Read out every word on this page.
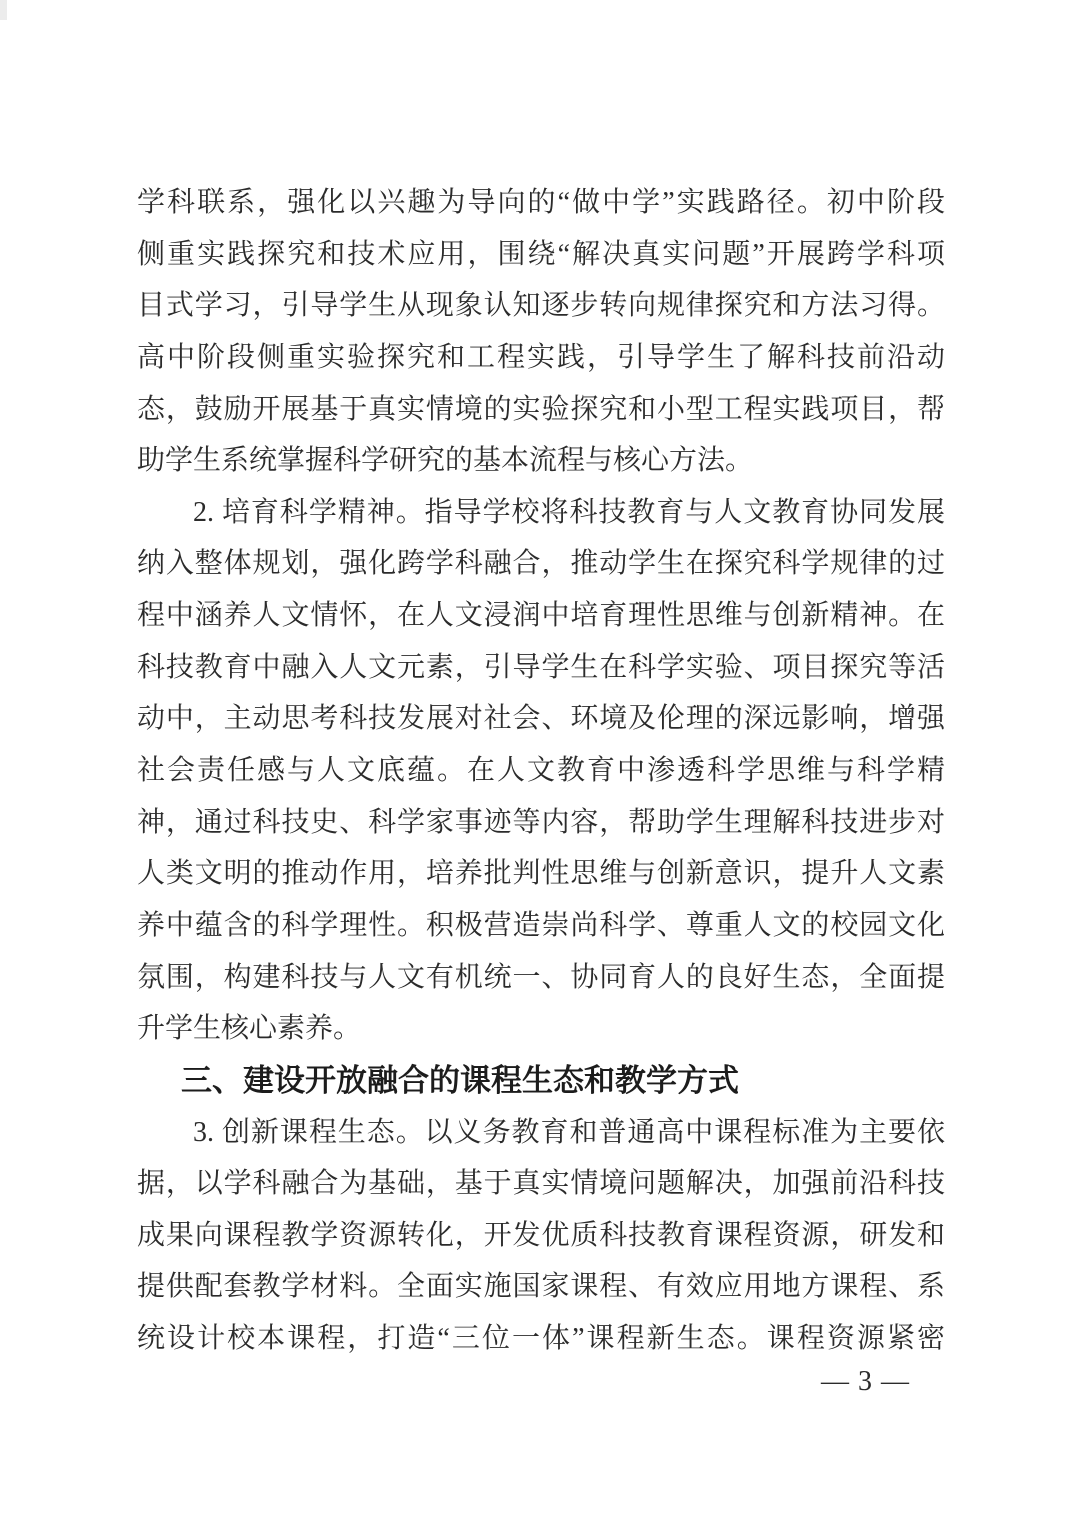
学科联系，强化以兴趣为导向的“做中学”实践路径。初中阶段
侧重实践探究和技术应用，围绕“解决真实问题”开展跨学科项
目式学习，引导学生从现象认知逐步转向规律探究和方法习得。
高中阶段侧重实验探究和工程实践，引导学生了解科技前沿动
态，鼓励开展基于真实情境的实验探究和小型工程实践项目，帮
助学生系统掌握科学研究的基本流程与核心方法。
2. 培育科学精神。指导学校将科技教育与人文教育协同发展
纳入整体规划，强化跨学科融合，推动学生在探究科学规律的过
程中涵养人文情怀，在人文浸润中培育理性思维与创新精神。在
科技教育中融入人文元素，引导学生在科学实验、项目探究等活
动中，主动思考科技发展对社会、环境及伦理的深远影响，增强
社会责任感与人文底蕴。在人文教育中渗透科学思维与科学精
神，通过科技史、科学家事迹等内容，帮助学生理解科技进步对
人类文明的推动作用，培养批判性思维与创新意识，提升人文素
养中蕴含的科学理性。积极营造崇尚科学、尊重人文的校园文化
氛围，构建科技与人文有机统一、协同育人的良好生态，全面提
升学生核心素养。
三、建设开放融合的课程生态和教学方式
3. 创新课程生态。以义务教育和普通高中课程标准为主要依
据，以学科融合为基础，基于真实情境问题解决，加强前沿科技
成果向课程教学资源转化，开发优质科技教育课程资源，研发和
提供配套教学材料。全面实施国家课程、有效应用地方课程、系
统设计校本课程，打造“三位一体”课程新生态。课程资源紧密
— 3 —
